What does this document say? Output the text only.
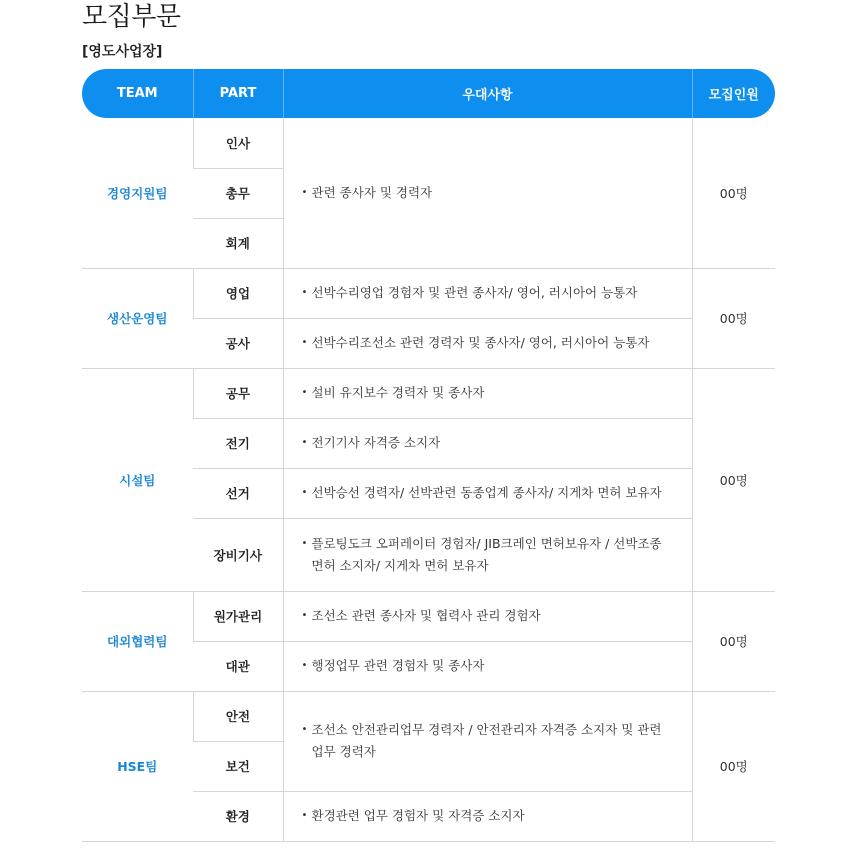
모집부문
[영도사업장]
TEAM	PART	우대사항	모집인원
경영지원팀	인사	• 관련 종사자 및 경력자	00명
	총무		
	회계		
생산운영팀	영업	• 선박수리영업 경험자 및 관련 종사자/ 영어, 러시아어 능통자	00명
	공사	• 선박수리조선소 관련 경력자 및 종사자/ 영어, 러시아어 능통자	

시설팀	공무	• 설비 유지보수 경력자 및 종사자	00명
	전기	• 전기기사 자격증 소지자	

	선거	• 선박승선 경력자/ 선박관련 동종업계 종사자/ 지게차 면허 보유자	

	장비기사	• 플로팅도크 오퍼레이터 경험자/ JIB크레인 면허보유자 / 선박조종면허 소지자/ 지게차 면허 보유자	

대외협력팀	원가관리	• 조선소 관련 종사자 및 협력사 관리 경험자	00명
	대관	• 행정업무 관련 경험자 및 종사자	

HSE팀	안전	• 조선소 안전관리업무 경력자 / 안전관리자 자격증 소지자 및 관련업무 경력자	00명
	보건		
	환경	• 환경관련 업무 경험자 및 자격증 소지자	
